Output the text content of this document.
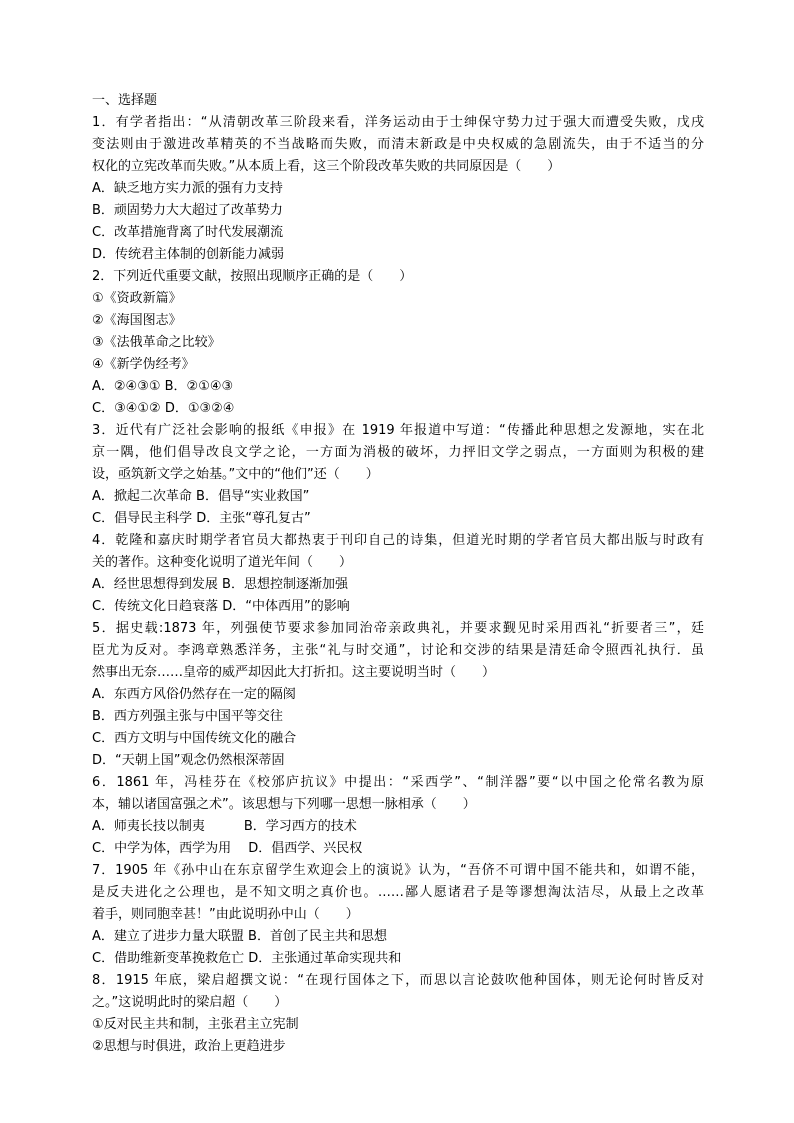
一、选择题
1．有学者指出：“从清朝改革三阶段来看，洋务运动由于士绅保守势力过于强大而遭受失败，戊戌
变法则由于激进改革精英的不当战略而失败，而清末新政是中央权威的急剧流失，由于不适当的分
权化的立宪改革而失败。”从本质上看，这三个阶段改革失败的共同原因是（　　）
A．缺乏地方实力派的强有力支持
B．顽固势力大大超过了改革势力
C．改革措施背离了时代发展潮流
D．传统君主体制的创新能力减弱
2．下列近代重要文献，按照出现顺序正确的是（　　）
①《资政新篇》
②《海国图志》
③《法俄革命之比较》
④《新学伪经考》
A．②④③① B．②①④③
C．③④①② D．①③②④
3．近代有广泛社会影响的报纸《申报》在 1919 年报道中写道：“传播此种思想之发源地，实在北
京一隅，他们倡导改良文学之论，一方面为消极的破坏，力抨旧文学之弱点，一方面则为积极的建
设，亟筑新文学之始基。”文中的“他们”还（　　）
A．掀起二次革命 B．倡导“实业救国”
C．倡导民主科学 D．主张“尊孔复古”
4．乾隆和嘉庆时期学者官员大都热衷于刊印自己的诗集，但道光时期的学者官员大都出版与时政有
关的著作。这种变化说明了道光年间（　　）
A．经世思想得到发展 B．思想控制逐渐加强
C．传统文化日趋衰落 D．“中体西用”的影响
5．据史载:1873 年，列强使节要求参加同治帝亲政典礼，并要求觐见时采用西礼“折要者三”，廷
臣尤为反对。李鸿章熟悉洋务，主张“礼与时交通”，讨论和交涉的结果是清廷命令照西礼执行．虽
然事出无奈……皇帝的威严却因此大打折扣。这主要说明当时（　　）
A．东西方风俗仍然存在一定的隔阂
B．西方列强主张与中国平等交往
C．西方文明与中国传统文化的融合
D．“天朝上国”观念仍然根深蒂固
6．1861 年，冯桂芬在《校邠庐抗议》中提出：“采西学”、“制洋器”要“以中国之伦常名教为原
本，辅以诸国富强之术”。该思想与下列哪一思想一脉相承（　　）
A．师夷长技以制夷　　　B．学习西方的技术
C．中学为体，西学为用　 D．倡西学、兴民权
7．1905 年《孙中山在东京留学生欢迎会上的演说》认为，“吾侪不可谓中国不能共和，如谓不能，
是反夫进化之公理也，是不知文明之真价也。……鄙人愿诸君子是等谬想淘汰洁尽，从最上之改革
着手，则同胞幸甚！”由此说明孙中山（　　）
A．建立了进步力量大联盟 B．首创了民主共和思想
C．借助维新变革挽救危亡 D．主张通过革命实现共和
8．1915 年底，梁启超撰文说：“在现行国体之下，而思以言论鼓吹他种国体，则无论何时皆反对
之。”这说明此时的梁启超（　　）
①反对民主共和制，主张君主立宪制
②思想与时俱进，政治上更趋进步
